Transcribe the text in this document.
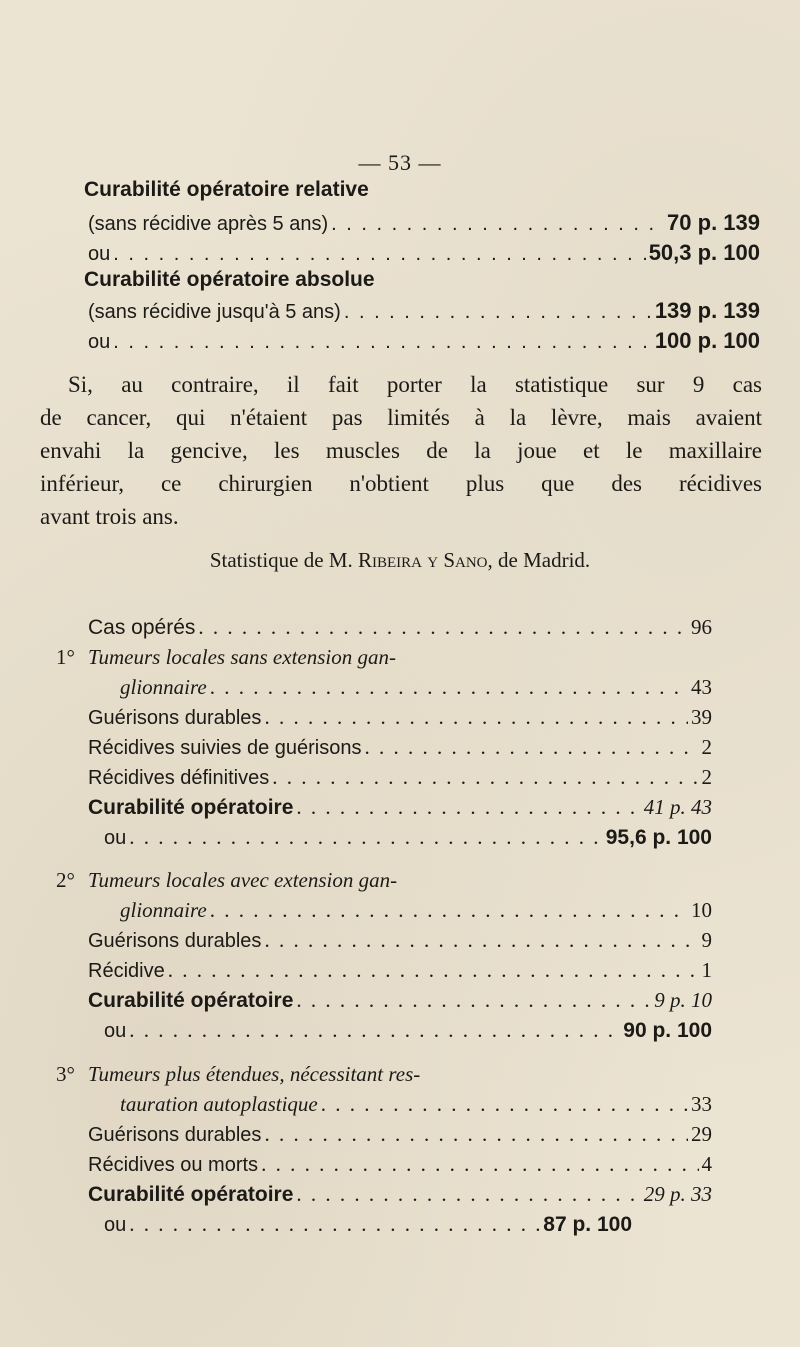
— 53 —
Curabilité opératoire relative
(sans récidive après 5 ans) . . .	70 p. 139
ou . . .	50,3 p. 100
Curabilité opératoire absolue
(sans récidive jusqu'à 5 ans) . . .	139 p. 139
ou . . .	100 p. 100
Si, au contraire, il fait porter la statistique sur 9 cas
de cancer, qui n'étaient pas limités à la lèvre, mais avaient
envahi la gencive, les muscles de la joue et le maxillaire
inférieur, ce chirurgien n'obtient plus que des récidives
avant trois ans.
Statistique de M. Ribeira y Sano, de Madrid.
Cas opérés . . .	96
1° Tumeurs locales sans extension gan-
glionnaire . . .	43
Guérisons durables . . .	39
Récidives suivies de guérisons . . .	2
Récidives définitives . . .	2
Curabilité opératoire . . .	41 p. 43
ou . . .	95,6 p. 100
2° Tumeurs locales avec extension gan-
glionnaire . . .	10
Guérisons durables . . .	9
Récidive . . .	1
Curabilité opératoire . . .	9 p. 10
ou . . .	90 p. 100
3° Tumeurs plus étendues, nécessitant res-
tauration autoplastique . . .	33
Guérisons durables . . .	29
Récidives ou morts . . .	4
Curabilité opératoire . . .	29 p. 33
ou . . .	87 p. 100
